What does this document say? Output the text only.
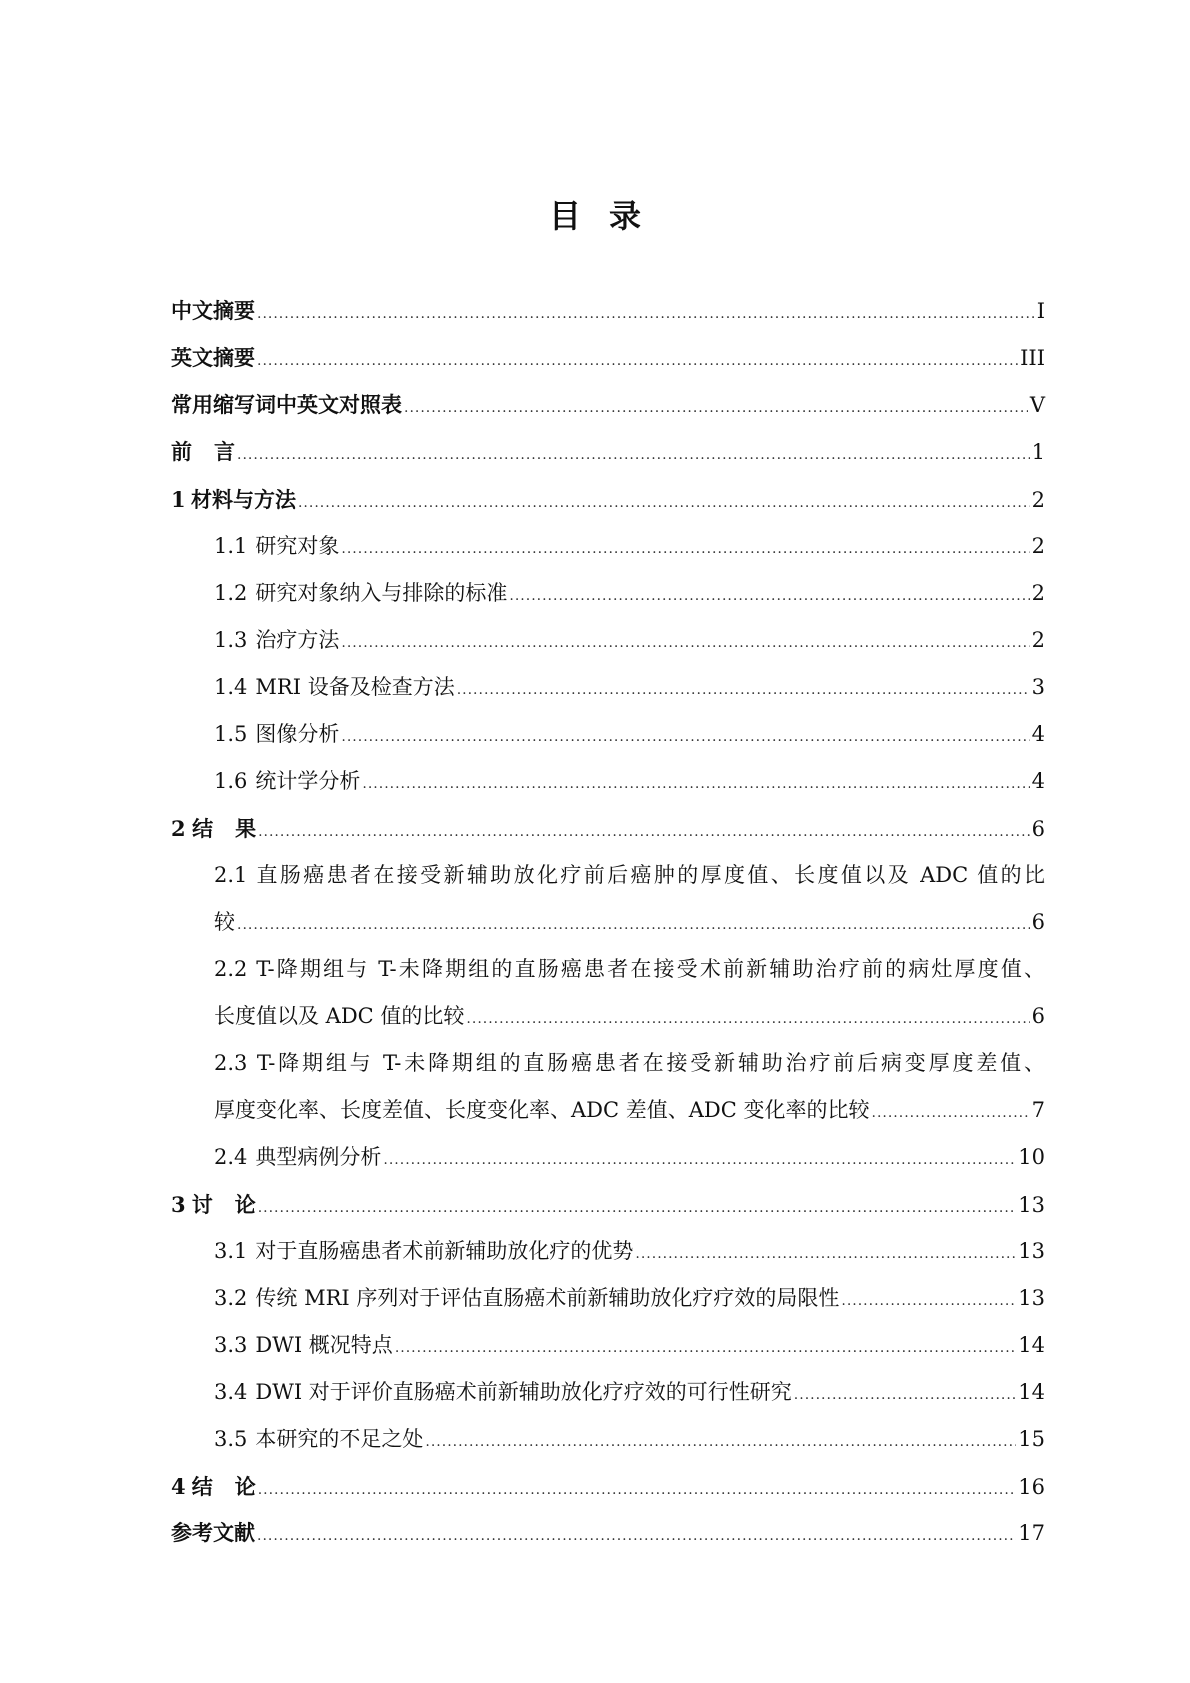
目录
中文摘要 .....	I
英文摘要 .....	III
常用缩写词中英文对照表 .....	V
前言 .....	1
1 材料与方法 .....	2
1.1 研究对象 .....	2
1.2 研究对象纳入与排除的标准 .....	2
1.3 治疗方法 .....	2
1.4 MRI 设备及检查方法 .....	3
1.5 图像分析 .....	4
1.6 统计学分析 .....	4
2 结果 .....	6
2.1 直肠癌患者在接受新辅助放化疗前后癌肿的厚度值、长度值以及 ADC 值的比
较 .....	6
2.2 T-降期组与 T-未降期组的直肠癌患者在接受术前新辅助治疗前的病灶厚度值、
长度值以及 ADC 值的比较 .....	6
2.3 T-降期组与 T-未降期组的直肠癌患者在接受新辅助治疗前后病变厚度差值、
厚度变化率、长度差值、长度变化率、ADC 差值、ADC 变化率的比较 .....	7
2.4 典型病例分析 .....	10
3 讨论 .....	13
3.1 对于直肠癌患者术前新辅助放化疗的优势 .....	13
3.2 传统 MRI 序列对于评估直肠癌术前新辅助放化疗疗效的局限性 .....	13
3.3 DWI 概况特点 .....	14
3.4 DWI 对于评价直肠癌术前新辅助放化疗疗效的可行性研究 .....	14
3.5 本研究的不足之处 .....	15
4 结论 .....	16
参考文献 .....	17
